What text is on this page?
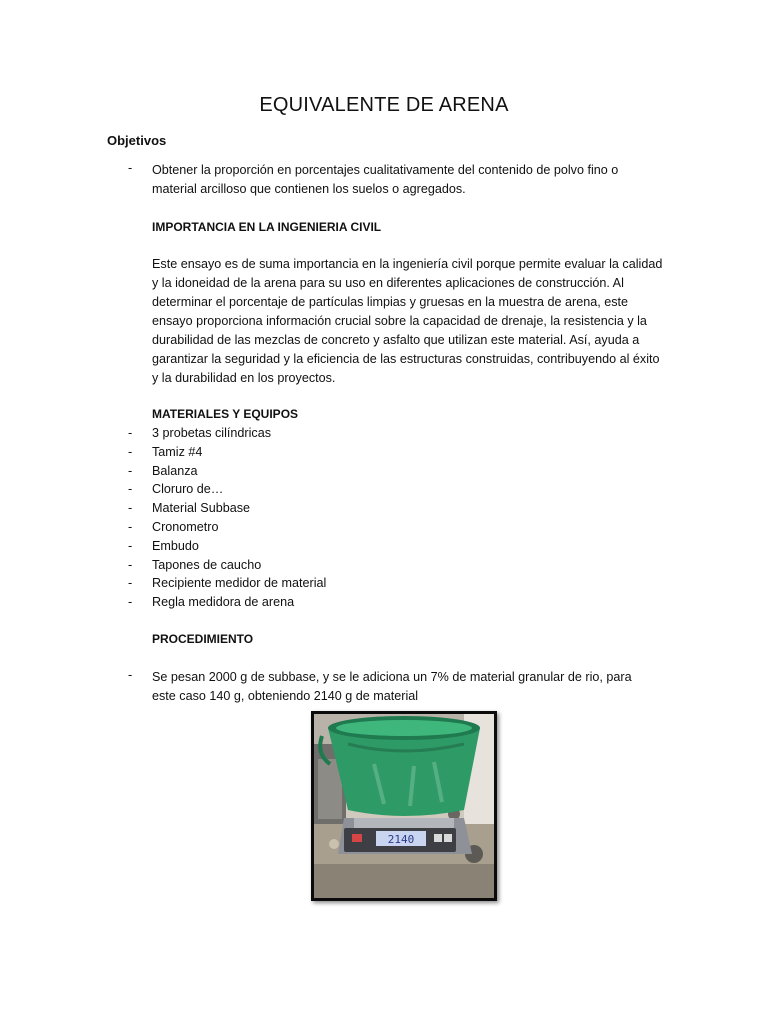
EQUIVALENTE DE ARENA
Objetivos
- Obtener la proporción en porcentajes cualitativamente del contenido de polvo fino o material arcilloso que contienen los suelos o agregados.
IMPORTANCIA EN LA INGENIERIA CIVIL
Este ensayo es de suma importancia en la ingeniería civil porque permite evaluar la calidad y la idoneidad de la arena para su uso en diferentes aplicaciones de construcción. Al determinar el porcentaje de partículas limpias y gruesas en la muestra de arena, este ensayo proporciona información crucial sobre la capacidad de drenaje, la resistencia y la durabilidad de las mezclas de concreto y asfalto que utilizan este material. Así, ayuda a garantizar la seguridad y la eficiencia de las estructuras construidas, contribuyendo al éxito y la durabilidad en los proyectos.
MATERIALES Y EQUIPOS
- 3 probetas cilíndricas
- Tamiz #4
- Balanza
- Cloruro de…
- Material Subbase
- Cronometro
- Embudo
- Tapones de caucho
- Recipiente medidor de material
- Regla medidora de arena
PROCEDIMIENTO
- Se pesan 2000 g de subbase, y se le adiciona un 7% de material granular de rio, para este caso 140 g, obteniendo 2140 g de material
2140
